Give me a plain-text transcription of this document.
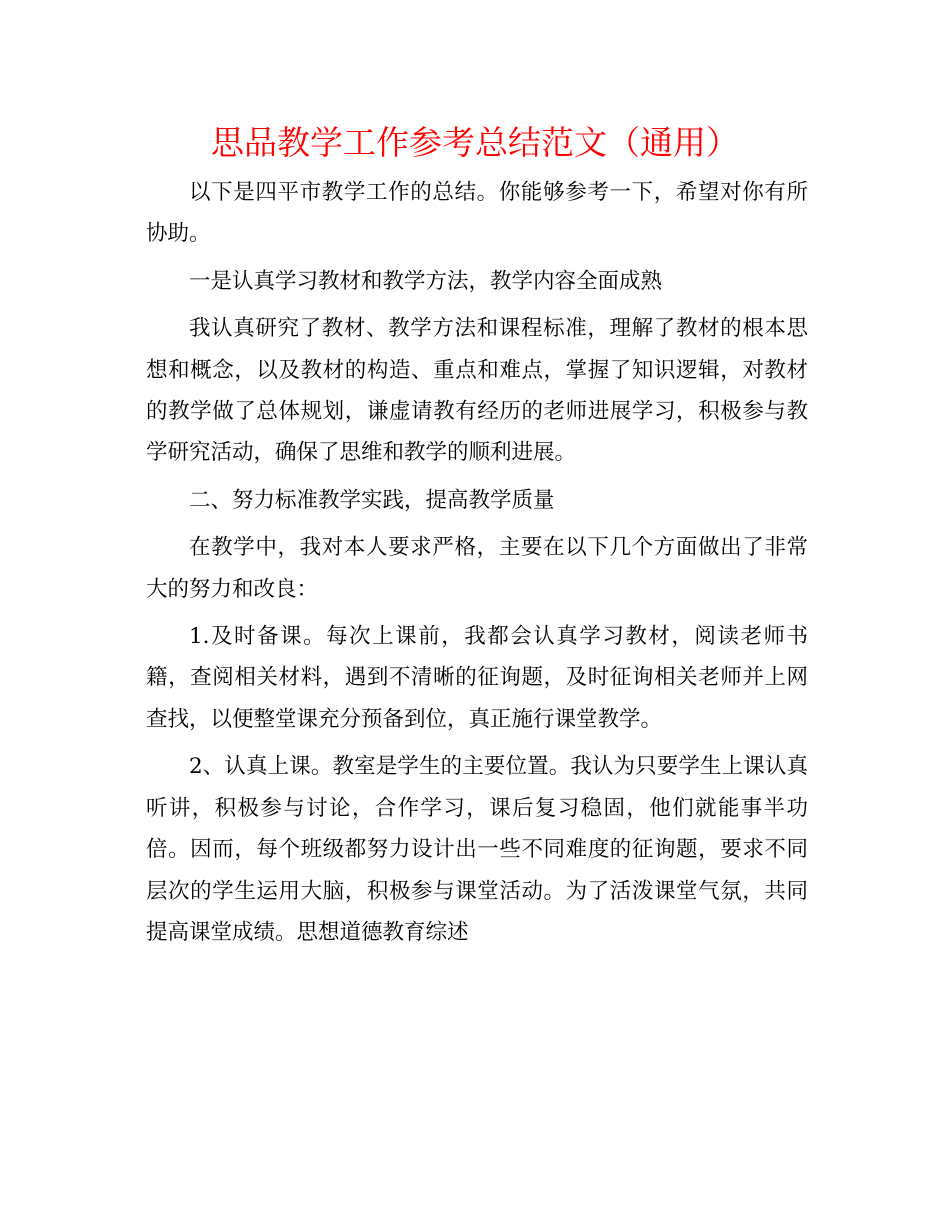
思品教学工作参考总结范文（通用）

以下是四平市教学工作的总结。你能够参考一下，希望对你有所协助。

一是认真学习教材和教学方法，教学内容全面成熟

我认真研究了教材、教学方法和课程标准，理解了教材的根本思想和概念，以及教材的构造、重点和难点，掌握了知识逻辑，对教材的教学做了总体规划，谦虚请教有经历的老师进展学习，积极参与教学研究活动，确保了思维和教学的顺利进展。

二、努力标准教学实践，提高教学质量

在教学中，我对本人要求严格，主要在以下几个方面做出了非常大的努力和改良：

1.及时备课。每次上课前，我都会认真学习教材，阅读老师书籍，查阅相关材料，遇到不清晰的征询题，及时征询相关老师并上网查找，以便整堂课充分预备到位，真正施行课堂教学。

2、认真上课。教室是学生的主要位置。我认为只要学生上课认真听讲，积极参与讨论，合作学习，课后复习稳固，他们就能事半功倍。因而，每个班级都努力设计出一些不同难度的征询题，要求不同层次的学生运用大脑，积极参与课堂活动。为了活泼课堂气氛，共同提高课堂成绩。思想道德教育综述
